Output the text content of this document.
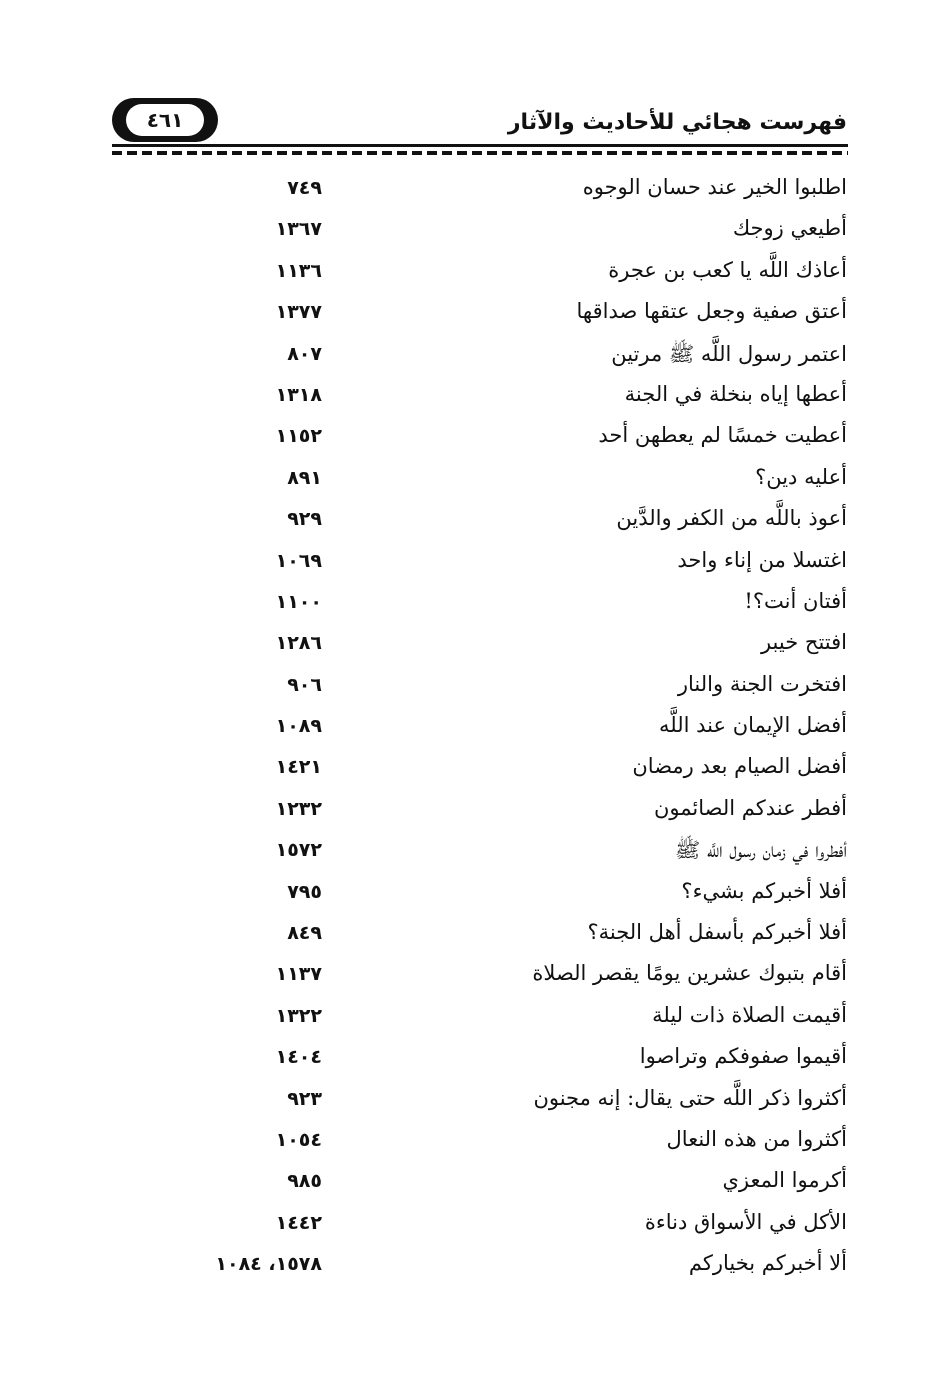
فهرست هجائي للأحاديث والآثار
٤٦١
اطلبوا الخير عند حسان الوجوه
٧٤٩
أطيعي زوجك
١٣٦٧
أعاذك اللَّه يا كعب بن عجرة
١١٣٦
أعتق صفية وجعل عتقها صداقها
١٣٧٧
اعتمر رسول اللَّه ﷺ مرتين
٨٠٧
أعطها إياه بنخلة في الجنة
١٣١٨
أعطيت خمسًا لم يعطهن أحد
١١٥٢
أعليه دين؟
٨٩١
أعوذ باللَّه من الكفر والدَّين
٩٢٩
اغتسلا من إناء واحد
١٠٦٩
أفتان أنت؟!
١١٠٠
افتتح خيبر
١٢٨٦
افتخرت الجنة والنار
٩٠٦
أفضل الإيمان عند اللَّه
١٠٨٩
أفضل الصيام بعد رمضان
١٤٢١
أفطر عندكم الصائمون
١٢٣٢
أفطروا في زمان رسول اللَّه ﷺ
١٥٧٢
أفلا أخبركم بشيء؟
٧٩٥
أفلا أخبركم بأسفل أهل الجنة؟
٨٤٩
أقام بتبوك عشرين يومًا يقصر الصلاة
١١٣٧
أقيمت الصلاة ذات ليلة
١٣٢٢
أقيموا صفوفكم وتراصوا
١٤٠٤
أكثروا ذكر اللَّه حتى يقال: إنه مجنون
٩٢٣
أكثروا من هذه النعال
١٠٥٤
أكرموا المعزي
٩٨٥
الأكل في الأسواق دناءة
١٤٤٢
ألا أخبركم بخياركم
١٥٧٨، ١٠٨٤
